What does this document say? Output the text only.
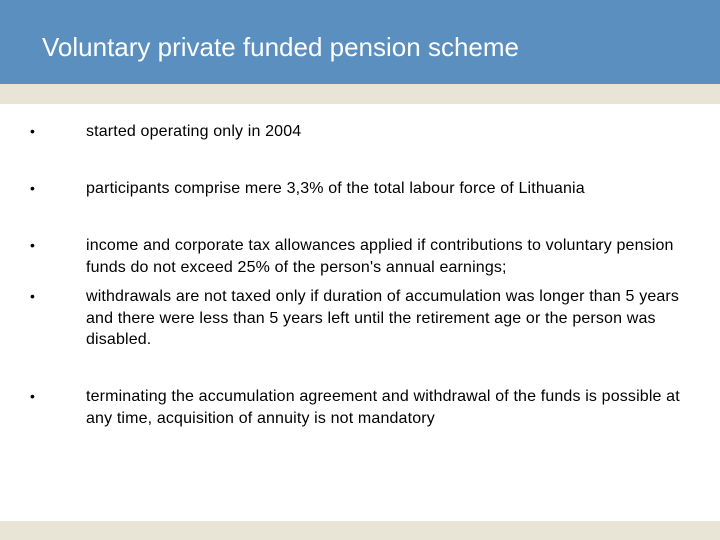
Voluntary private funded pension scheme
•	started operating only in 2004
•	participants comprise mere 3,3% of the total labour force of Lithuania
•	income and corporate tax allowances applied if contributions to voluntary pension funds do not exceed 25% of the person's annual earnings;
•	withdrawals are not taxed only if duration of accumulation was longer than 5 years and there were less than 5 years left until the retirement age or the person was disabled.
•	terminating the accumulation agreement and withdrawal of the funds is possible at any time, acquisition of annuity is not mandatory
